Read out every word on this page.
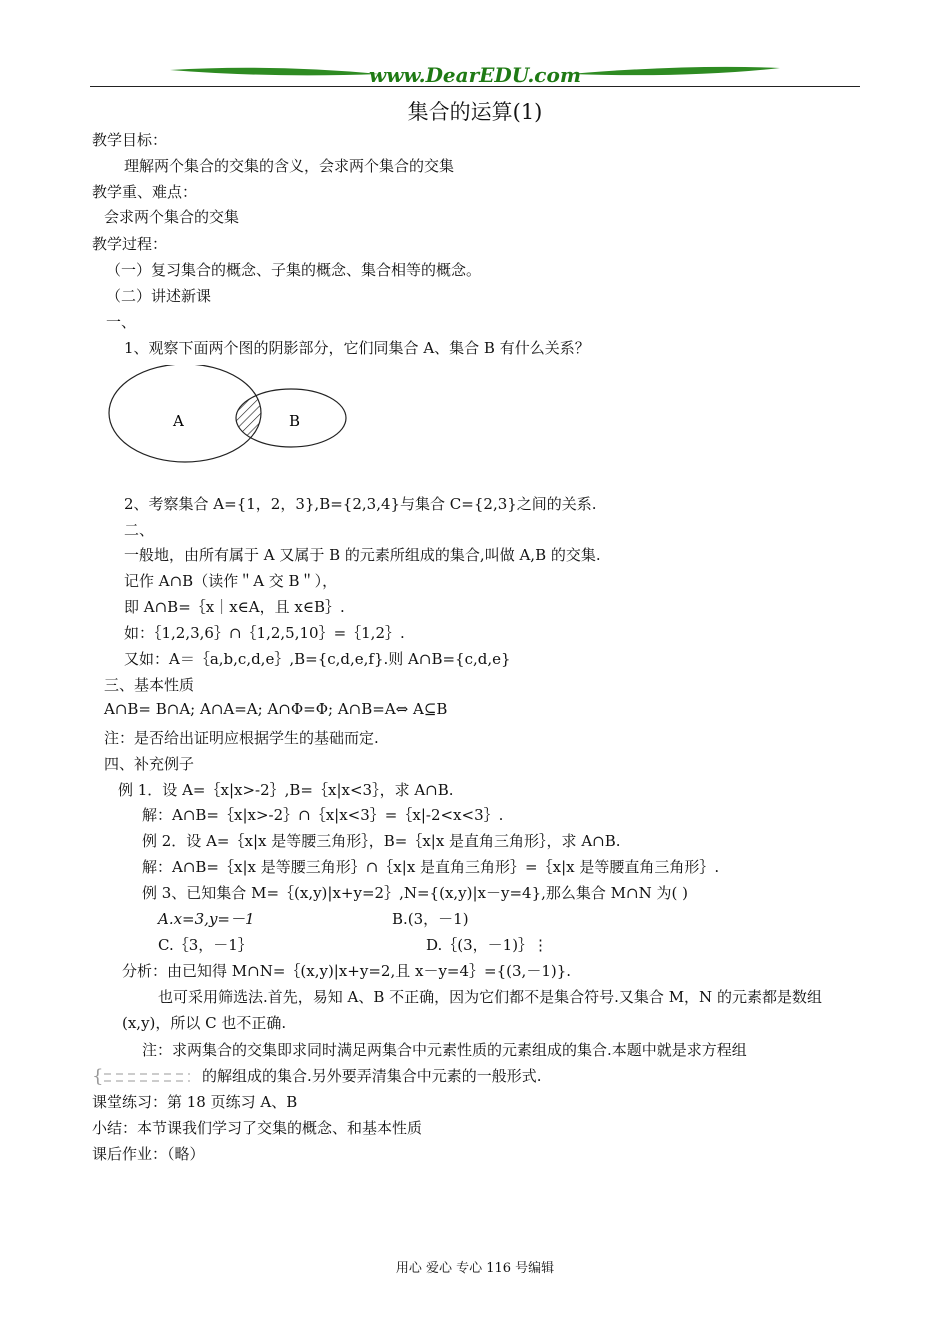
www.DearEDU.com
集合的运算(1)
教学目标：
理解两个集合的交集的含义，会求两个集合的交集
教学重、难点：
会求两个集合的交集
教学过程：
（一）复习集合的概念、子集的概念、集合相等的概念。
（二）讲述新课
一、
1、观察下面两个图的阴影部分，它们同集合 A、集合 B 有什么关系？
A	B
2、考察集合 A={1，2，3},B={2,3,4}与集合 C={2,3}之间的关系.
二、
一般地，由所有属于 A 又属于 B 的元素所组成的集合,叫做 A,B 的交集.
记作 A∩B（读作＂A 交 B＂），
即 A∩B=｛x｜x∈A，且 x∈B｝.
如：｛1,2,3,6｝∩｛1,2,5,10｝=｛1,2｝.
又如：A＝｛a,b,c,d,e｝,B={c,d,e,f}.则 A∩B={c,d,e}
三、基本性质
A∩B= B∩A; A∩A=A; A∩Φ=Φ; A∩B=A⇔ A⊆B
注：是否给出证明应根据学生的基础而定.
四、补充例子
例 1．设 A=｛x|x>-2｝,B=｛x|x<3｝，求 A∩B.
解：A∩B=｛x|x>-2｝∩｛x|x<3｝=｛x|-2<x<3｝.
例 2．设 A=｛x|x 是等腰三角形｝，B=｛x|x 是直角三角形｝，求 A∩B.
解：A∩B=｛x|x 是等腰三角形｝∩｛x|x 是直角三角形｝=｛x|x 是等腰直角三角形｝.
例 3、已知集合 M=｛(x,y)|x+y=2｝,N={(x,y)|x－y=4},那么集合 M∩N 为( )
A.x=3,y=－1	B.(3，－1)
C.｛3，－1｝	D.｛(3，－1)｝⋮
分析：由已知得 M∩N=｛(x,y)|x+y=2,且 x－y=4｝={(3,－1)}.
也可采用筛选法.首先，易知 A、B 不正确，因为它们都不是集合符号.又集合 M，N 的元素都是数组
(x,y)，所以 C 也不正确.
注：求两集合的交集即求同时满足两集合中元素性质的元素组成的集合.本题中就是求方程组
{	的解组成的集合.另外要弄清集合中元素的一般形式.
课堂练习：第 18 页练习 A、B
小结：本节课我们学习了交集的概念、和基本性质
课后作业：（略）
用心 爱心 专心 116 号编辑
